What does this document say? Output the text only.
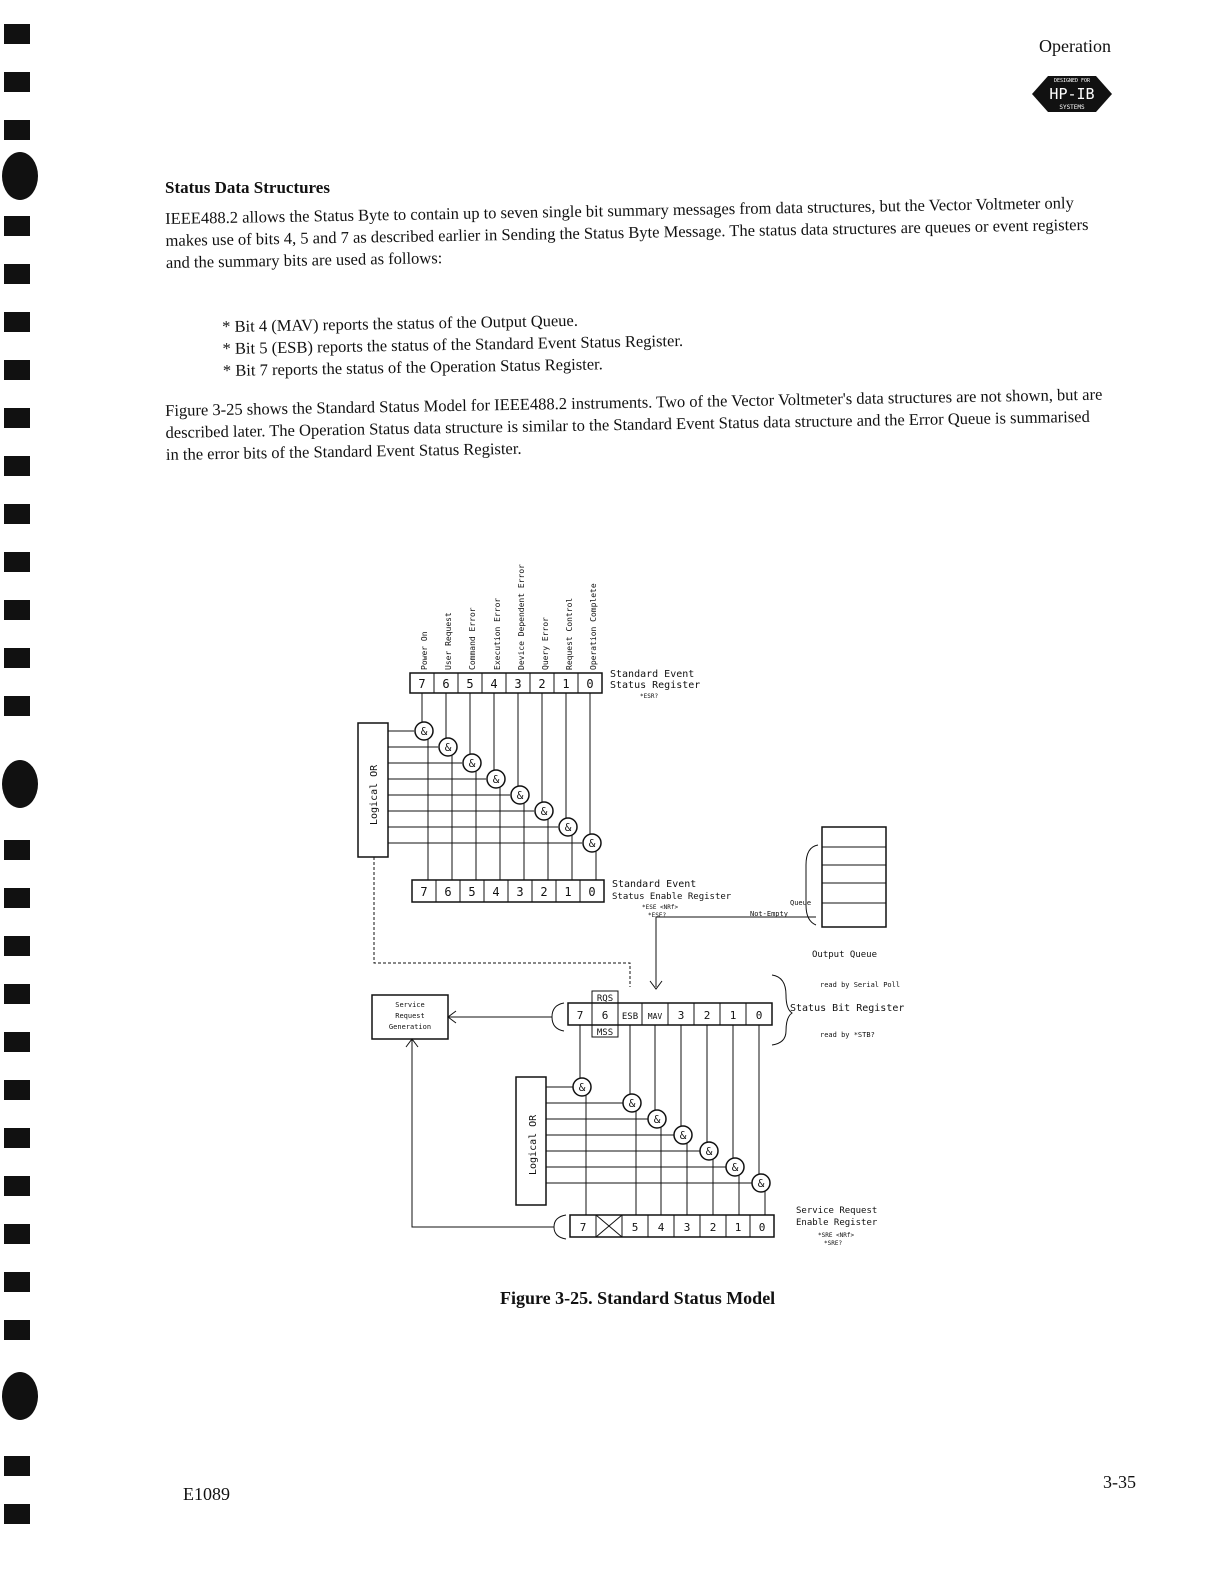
Operation
DESIGNED FOR
HP-IB
SYSTEMS
Status Data Structures
IEEE488.2 allows the Status Byte to contain up to seven single bit summary messages from data structures, but the Vector Voltmeter only makes use of bits 4, 5 and 7 as described earlier in Sending the Status Byte Message. The status data structures are queues or event registers and the summary bits are used as follows:
* Bit 4 (MAV) reports the status of the Output Queue.
* Bit 5 (ESB) reports the status of the Standard Event Status Register.
* Bit 7 reports the status of the Operation Status Register.
Figure 3-25 shows the Standard Status Model for IEEE488.2 instruments. Two of the Vector Voltmeter's data structures are not shown, but are described later. The Operation Status data structure is similar to the Standard Event Status data structure and the Error Queue is summarised in the error bits of the Standard Event Status Register.
Power On User Request Command Error Execution Error Device Dependent Error Query Error Request Control Operation Complete
7 6 5 4 3 2 1 0
Standard Event
Status Register
*ESR?
Logical OR
&
&
&
&
&
&
&
&
7 6 5 4 3 2 1 0
Standard Event
Status Enable Register
*ESE <NRf>
*ESE?
Queue
Not-Empty
Output Queue
Service
Request
Generation
RQS
MSS
7 6 ESB MAV 3 2 1 0
read by Serial Poll
Status Bit Register
read by *STB?
Logical OR
&
&
&
&
&
&
&
7	5 4 3 2 1 0
Service Request
Enable Register
*SRE <NRf>
*SRE?
Figure 3-25. Standard Status Model
E1089
3-35
